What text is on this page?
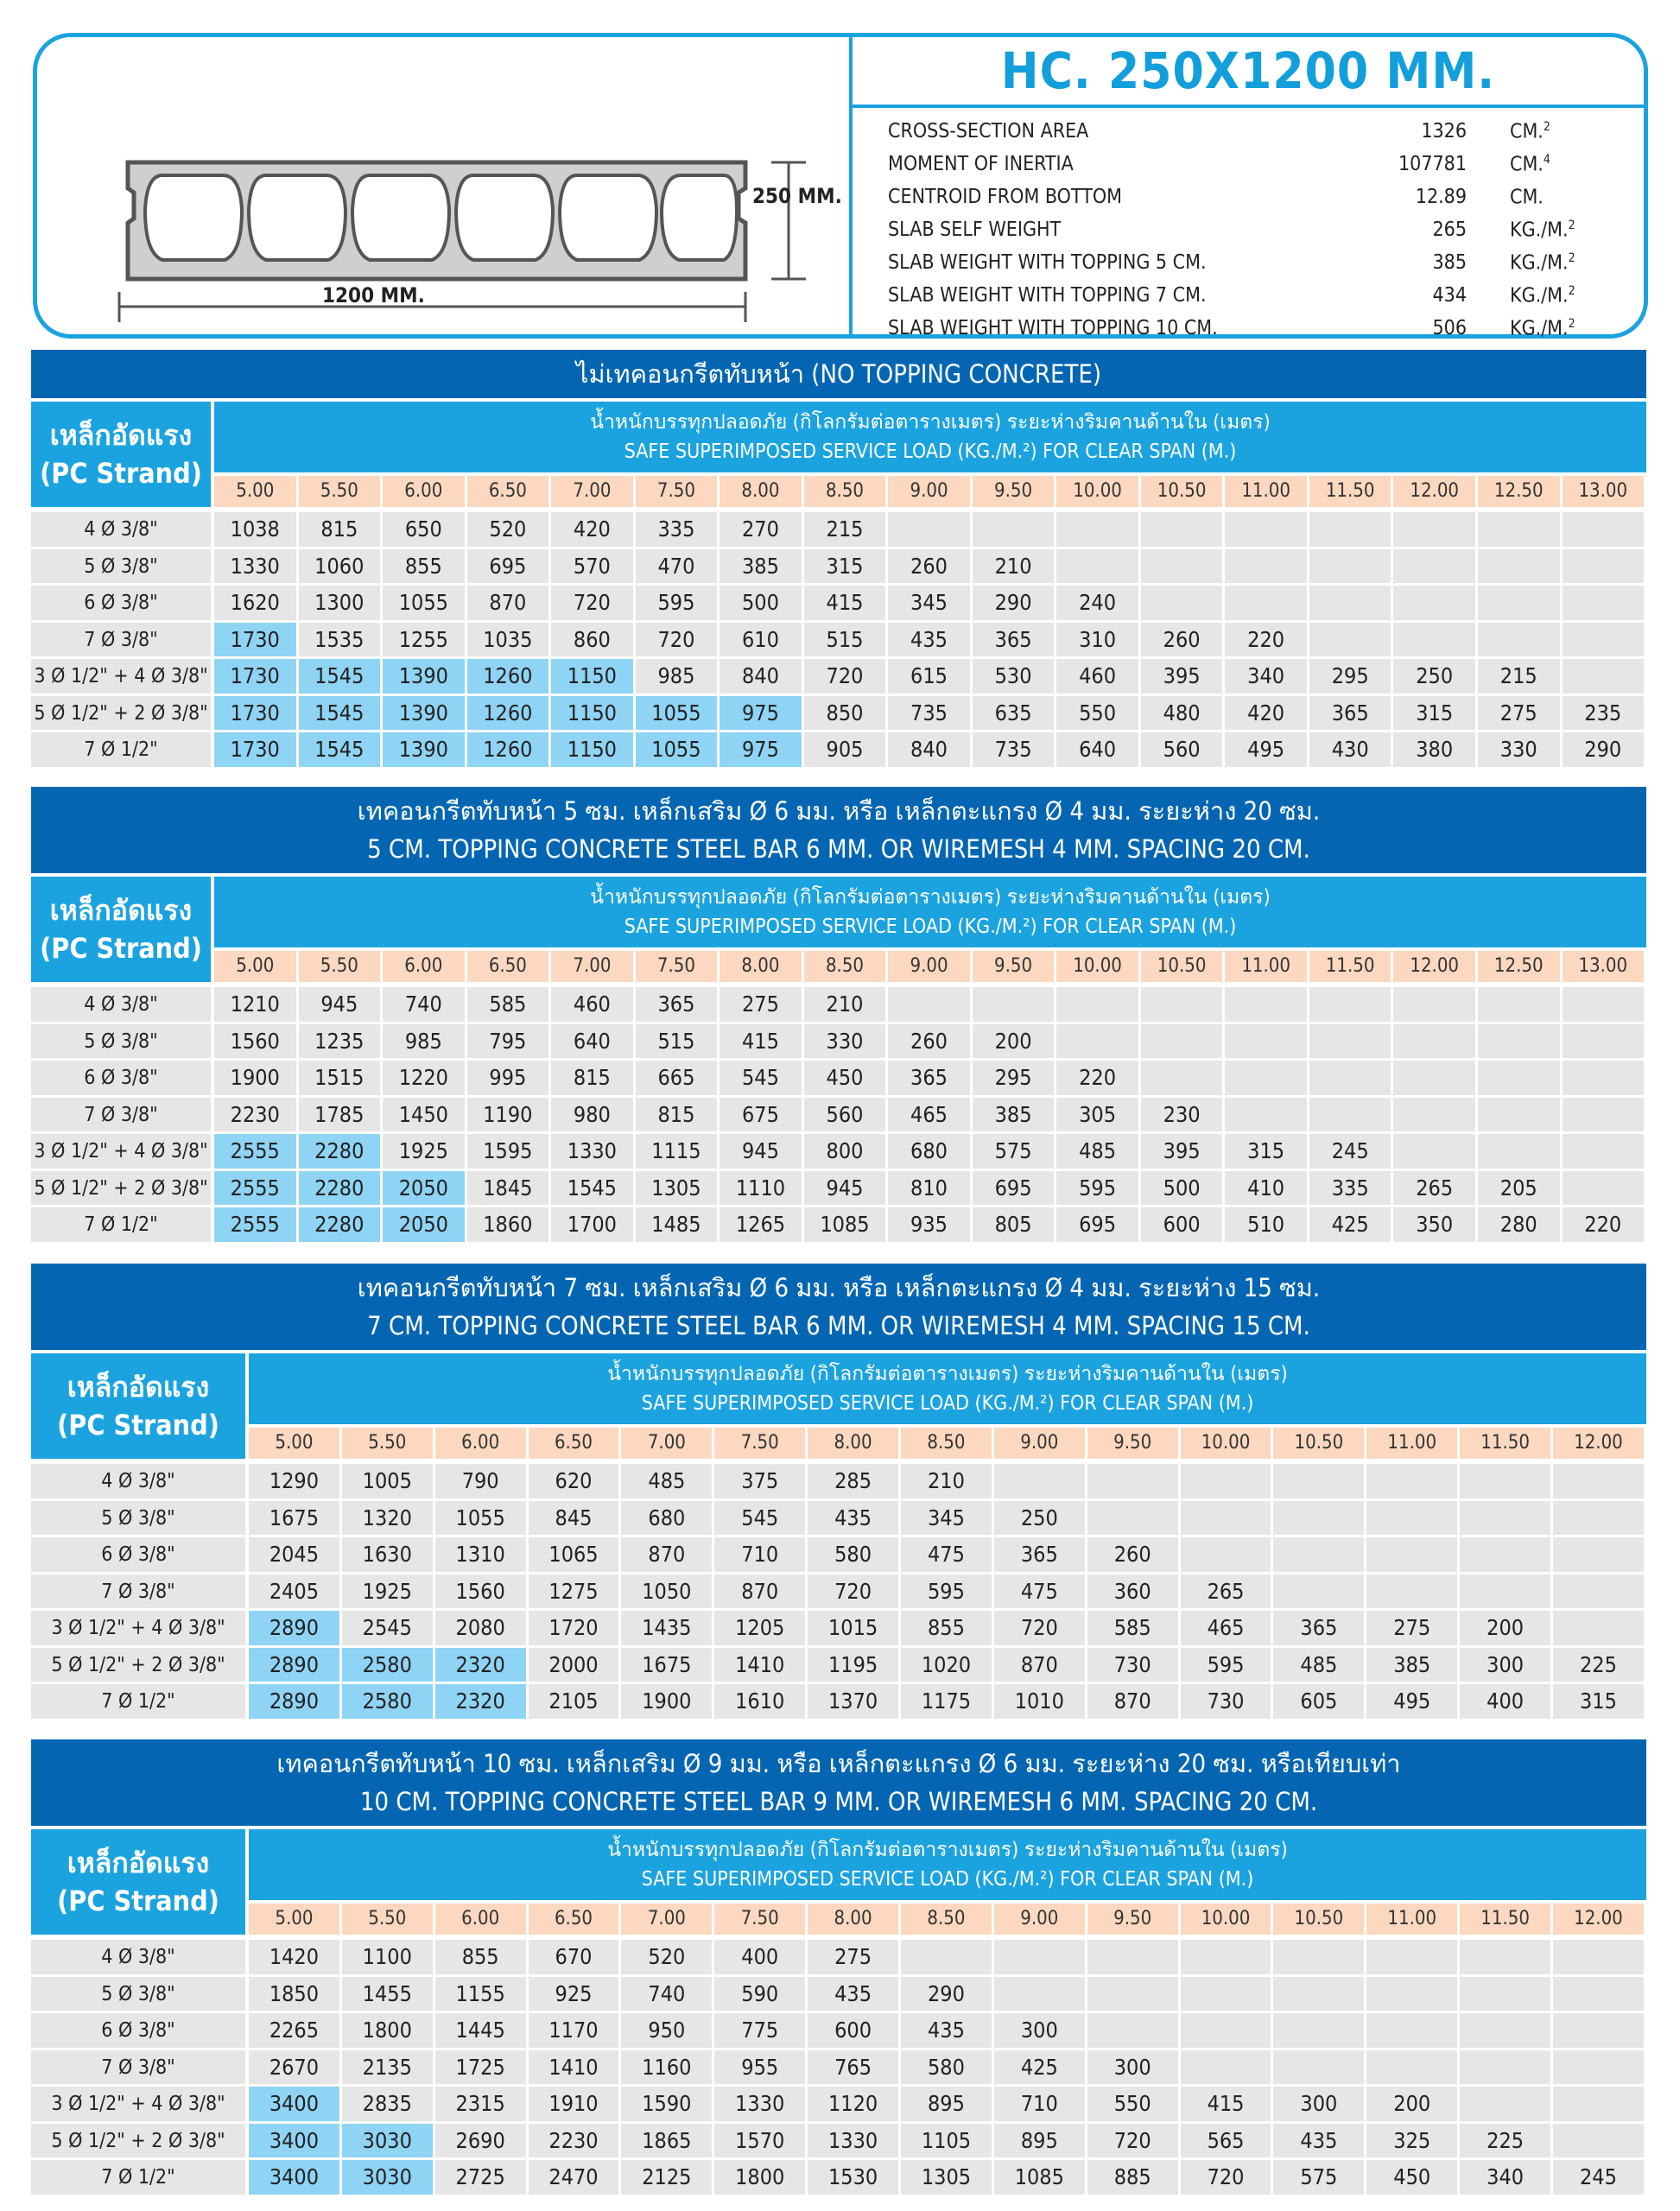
1200 MM.
250 MM.
HC. 250X1200 MM.
CROSS-SECTION AREA	1326	CM.$^2$
MOMENT OF INERTIA	107781	CM.$^4$
CENTROID FROM BOTTOM	12.89	CM.
SLAB SELF WEIGHT	265	KG./M.$^2$
SLAB WEIGHT WITH TOPPING 5 CM.	385	KG./M.$^2$
SLAB WEIGHT WITH TOPPING 7 CM.	434	KG./M.$^2$
SLAB WEIGHT WITH TOPPING 10 CM.	506	KG./M.$^2$
ไม่เทคอนกรีตทับหน้า (NO TOPPING CONCRETE)
เหล็กอัดแรง
(PC Strand)
น้ำหนักบรรทุกปลอดภัย (กิโลกรัมต่อตารางเมตร) ระยะห่างริมคานด้านใน (เมตร)
SAFE SUPERIMPOSED SERVICE LOAD (KG./M.²) FOR CLEAR SPAN (M.)
5.00	5.50	6.00	6.50	7.00	7.50	8.00	8.50	9.00	9.50	10.00	10.50	11.00	11.50	12.00	12.50	13.00
4 Ø 3/8"	1038	815	650	520	420	335	270	215
5 Ø 3/8"	1330	1060	855	695	570	470	385	315	260	210
6 Ø 3/8"	1620	1300	1055	870	720	595	500	415	345	290	240
7 Ø 3/8"	1730	1535	1255	1035	860	720	610	515	435	365	310	260	220
3 Ø 1/2" + 4 Ø 3/8"	1730	1545	1390	1260	1150	985	840	720	615	530	460	395	340	295	250	215
5 Ø 1/2" + 2 Ø 3/8"	1730	1545	1390	1260	1150	1055	975	850	735	635	550	480	420	365	315	275	235
7 Ø 1/2"	1730	1545	1390	1260	1150	1055	975	905	840	735	640	560	495	430	380	330	290
เทคอนกรีตทับหน้า 5 ซม. เหล็กเสริม Ø 6 มม. หรือ เหล็กตะแกรง Ø 4 มม. ระยะห่าง 20 ซม.
5 CM. TOPPING CONCRETE STEEL BAR 6 MM. OR WIREMESH 4 MM. SPACING 20 CM.
เหล็กอัดแรง
(PC Strand)
น้ำหนักบรรทุกปลอดภัย (กิโลกรัมต่อตารางเมตร) ระยะห่างริมคานด้านใน (เมตร)
SAFE SUPERIMPOSED SERVICE LOAD (KG./M.²) FOR CLEAR SPAN (M.)
5.00	5.50	6.00	6.50	7.00	7.50	8.00	8.50	9.00	9.50	10.00	10.50	11.00	11.50	12.00	12.50	13.00
4 Ø 3/8"	1210	945	740	585	460	365	275	210
5 Ø 3/8"	1560	1235	985	795	640	515	415	330	260	200
6 Ø 3/8"	1900	1515	1220	995	815	665	545	450	365	295	220
7 Ø 3/8"	2230	1785	1450	1190	980	815	675	560	465	385	305	230
3 Ø 1/2" + 4 Ø 3/8"	2555	2280	1925	1595	1330	1115	945	800	680	575	485	395	315	245
5 Ø 1/2" + 2 Ø 3/8"	2555	2280	2050	1845	1545	1305	1110	945	810	695	595	500	410	335	265	205
7 Ø 1/2"	2555	2280	2050	1860	1700	1485	1265	1085	935	805	695	600	510	425	350	280	220
เทคอนกรีตทับหน้า 7 ซม. เหล็กเสริม Ø 6 มม. หรือ เหล็กตะแกรง Ø 4 มม. ระยะห่าง 15 ซม.
7 CM. TOPPING CONCRETE STEEL BAR 6 MM. OR WIREMESH 4 MM. SPACING 15 CM.
เหล็กอัดแรง
(PC Strand)
น้ำหนักบรรทุกปลอดภัย (กิโลกรัมต่อตารางเมตร) ระยะห่างริมคานด้านใน (เมตร)
SAFE SUPERIMPOSED SERVICE LOAD (KG./M.²) FOR CLEAR SPAN (M.)
5.00	5.50	6.00	6.50	7.00	7.50	8.00	8.50	9.00	9.50	10.00	10.50	11.00	11.50	12.00
4 Ø 3/8"	1290	1005	790	620	485	375	285	210
5 Ø 3/8"	1675	1320	1055	845	680	545	435	345	250
6 Ø 3/8"	2045	1630	1310	1065	870	710	580	475	365	260
7 Ø 3/8"	2405	1925	1560	1275	1050	870	720	595	475	360	265
3 Ø 1/2" + 4 Ø 3/8"	2890	2545	2080	1720	1435	1205	1015	855	720	585	465	365	275	200
5 Ø 1/2" + 2 Ø 3/8"	2890	2580	2320	2000	1675	1410	1195	1020	870	730	595	485	385	300	225
7 Ø 1/2"	2890	2580	2320	2105	1900	1610	1370	1175	1010	870	730	605	495	400	315
เทคอนกรีตทับหน้า 10 ซม. เหล็กเสริม Ø 9 มม. หรือ เหล็กตะแกรง Ø 6 มม. ระยะห่าง 20 ซม. หรือเทียบเท่า
10 CM. TOPPING CONCRETE STEEL BAR 9 MM. OR WIREMESH 6 MM. SPACING 20 CM.
เหล็กอัดแรง
(PC Strand)
น้ำหนักบรรทุกปลอดภัย (กิโลกรัมต่อตารางเมตร) ระยะห่างริมคานด้านใน (เมตร)
SAFE SUPERIMPOSED SERVICE LOAD (KG./M.²) FOR CLEAR SPAN (M.)
5.00	5.50	6.00	6.50	7.00	7.50	8.00	8.50	9.00	9.50	10.00	10.50	11.00	11.50	12.00
4 Ø 3/8"	1420	1100	855	670	520	400	275
5 Ø 3/8"	1850	1455	1155	925	740	590	435	290
6 Ø 3/8"	2265	1800	1445	1170	950	775	600	435	300
7 Ø 3/8"	2670	2135	1725	1410	1160	955	765	580	425	300
3 Ø 1/2" + 4 Ø 3/8"	3400	2835	2315	1910	1590	1330	1120	895	710	550	415	300	200
5 Ø 1/2" + 2 Ø 3/8"	3400	3030	2690	2230	1865	1570	1330	1105	895	720	565	435	325	225
7 Ø 1/2"	3400	3030	2725	2470	2125	1800	1530	1305	1085	885	720	575	450	340	245
